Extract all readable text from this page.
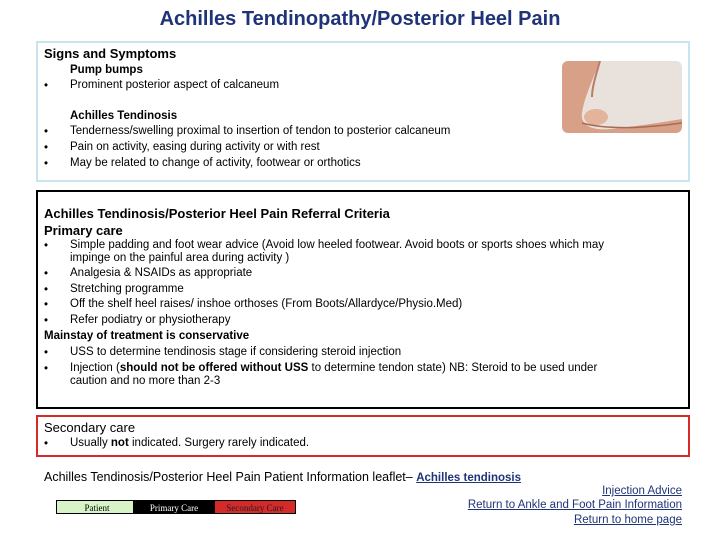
Achilles Tendinopathy/Posterior Heel Pain
Signs and Symptoms
Pump bumps
• Prominent posterior aspect of calcaneum
Achilles Tendinosis
• Tenderness/swelling proximal to insertion of tendon to posterior calcaneum
• Pain on activity, easing during activity or with rest
• May be related to change of activity, footwear or orthotics
Achilles Tendinosis/Posterior Heel Pain Referral Criteria
Primary care
• Simple padding and foot wear advice (Avoid low heeled footwear. Avoid boots or sports shoes which may
impinge on the painful area during activity )
• Analgesia & NSAIDs as appropriate
• Stretching programme
• Off the shelf heel raises/ inshoe orthoses (From Boots/Allardyce/Physio.Med)
• Refer podiatry or physiotherapy
Mainstay of treatment is conservative
• USS to determine tendinosis stage if considering steroid injection
• Injection (should not be offered without USS to determine tendon state) NB: Steroid to be used under
caution and no more than 2-3
Secondary care
• Usually not indicated. Surgery rarely indicated.
Achilles Tendinosis/Posterior Heel Pain Patient Information leaflet– Achilles tendinosis
Patient	Primary Care	Secondary Care
Injection Advice
Return to Ankle and Foot Pain Information
Return to home page
